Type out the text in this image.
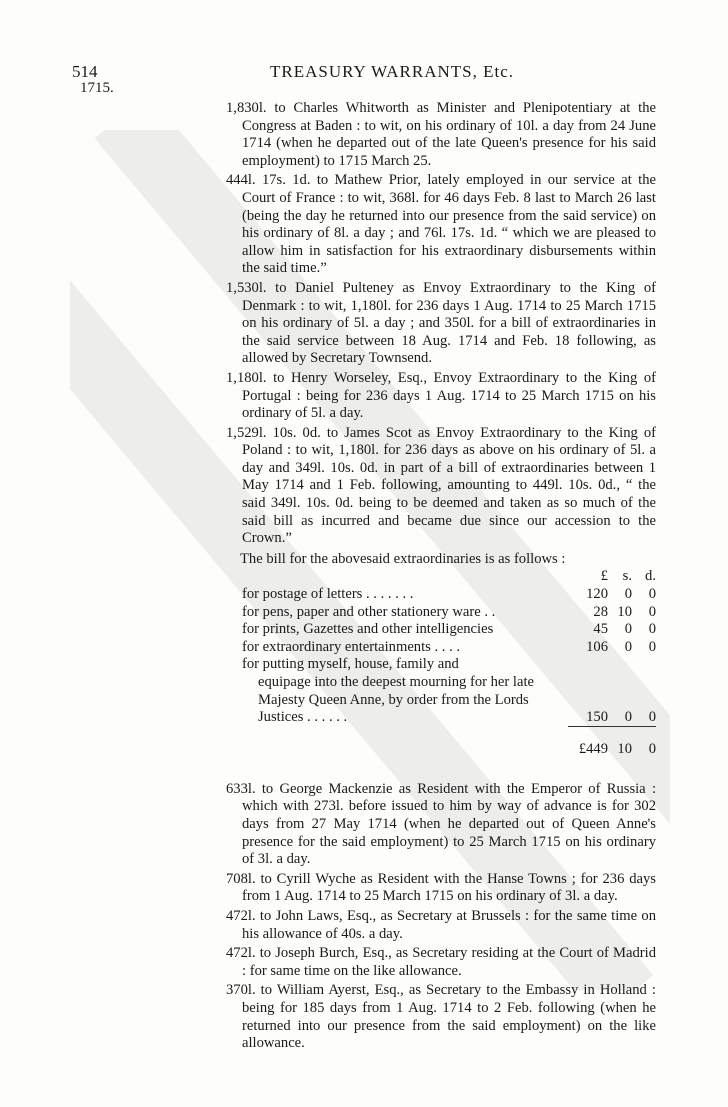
514
1715.
TREASURY WARRANTS, Etc.

1,830l. to Charles Whitworth as Minister and Plenipotentiary at the Congress at Baden : to wit, on his ordinary of 10l. a day from 24 June 1714 (when he departed out of the late Queen's presence for his said employment) to 1715 March 25.

444l. 17s. 1d. to Mathew Prior, lately employed in our service at the Court of France : to wit, 368l. for 46 days Feb. 8 last to March 26 last (being the day he returned into our presence from the said service) on his ordinary of 8l. a day ; and 76l. 17s. 1d. “ which we are pleased to allow him in satisfaction for his extraordinary disbursements within the said time.”

1,530l. to Daniel Pulteney as Envoy Extraordinary to the King of Denmark : to wit, 1,180l. for 236 days 1 Aug. 1714 to 25 March 1715 on his ordinary of 5l. a day ; and 350l. for a bill of extraordinaries in the said service between 18 Aug. 1714 and Feb. 18 following, as allowed by Secretary Townsend.

1,180l. to Henry Worseley, Esq., Envoy Extraordinary to the King of Portugal : being for 236 days 1 Aug. 1714 to 25 March 1715 on his ordinary of 5l. a day.

1,529l. 10s. 0d. to James Scot as Envoy Extraordinary to the King of Poland : to wit, 1,180l. for 236 days as above on his ordinary of 5l. a day and 349l. 10s. 0d. in part of a bill of extraordinaries between 1 May 1714 and 1 Feb. following, amounting to 449l. 10s. 0d., “ the said 349l. 10s. 0d. being to be deemed and taken as so much of the said bill as incurred and became due since our accession to the Crown.”

The bill for the abovesaid extraordinaries is as follows :

	£	s.	d.
for postage of letters . . . . . . .	120	0	0
for pens, paper and other stationery ware . .	28	10	0
for prints, Gazettes and other intelligencies	45	0	0
for extraordinary entertainments . . . .	106	0	0
for putting myself, house, family and
equipage into the deepest mourning for her late Majesty Queen Anne, by order from the Lords Justices . . . . . .	150	0	0
	£449	10	0

633l. to George Mackenzie as Resident with the Emperor of Russia : which with 273l. before issued to him by way of advance is for 302 days from 27 May 1714 (when he departed out of Queen Anne's presence for the said employment) to 25 March 1715 on his ordinary of 3l. a day.

708l. to Cyrill Wyche as Resident with the Hanse Towns ; for 236 days from 1 Aug. 1714 to 25 March 1715 on his ordinary of 3l. a day.

472l. to John Laws, Esq., as Secretary at Brussels : for the same time on his allowance of 40s. a day.

472l. to Joseph Burch, Esq., as Secretary residing at the Court of Madrid : for same time on the like allowance.

370l. to William Ayerst, Esq., as Secretary to the Embassy in Holland : being for 185 days from 1 Aug. 1714 to 2 Feb. following (when he returned into our presence from the said employment) on the like allowance.
